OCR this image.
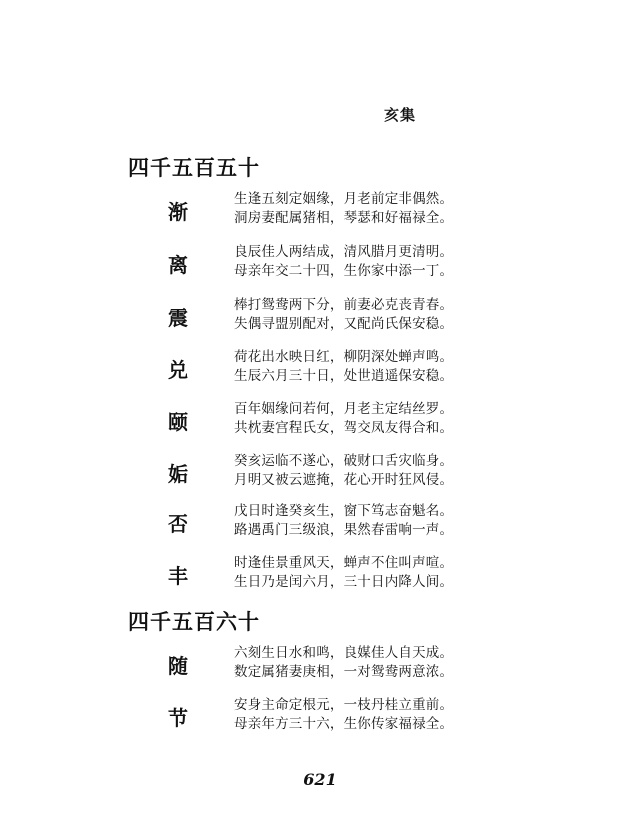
亥集
四千五百五十
渐
生逢五刻定姻缘，月老前定非偶然。
洞房妻配属猪相，琴瑟和好福禄全。
离
良辰佳人两结成，清风腊月更清明。
母亲年交二十四，生你家中添一丁。
震
棒打鸳鸯两下分，前妻必克丧青春。
失偶寻盟别配对，又配尚氏保安稳。
兑
荷花出水映日红，柳阴深处蝉声鸣。
生辰六月三十日，处世逍遥保安稳。
颐
百年姻缘问若何，月老主定结丝罗。
共枕妻宫程氏女，驾交凤友得合和。
姤
癸亥运临不遂心，破财口舌灾临身。
月明又被云遮掩，花心开时狂风侵。
否
戊日时逢癸亥生，窗下笃志奋魁名。
路遇禹门三级浪，果然春雷响一声。
丰
时逢佳景重风天，蝉声不住叫声喧。
生日乃是闰六月，三十日内降人间。
四千五百六十
随
六刻生日水和鸣，良媒佳人自天成。
数定属猪妻庚相，一对鸳鸯两意浓。
节
安身主命定根元，一枝丹桂立重前。
母亲年方三十六，生你传家福禄全。
621
